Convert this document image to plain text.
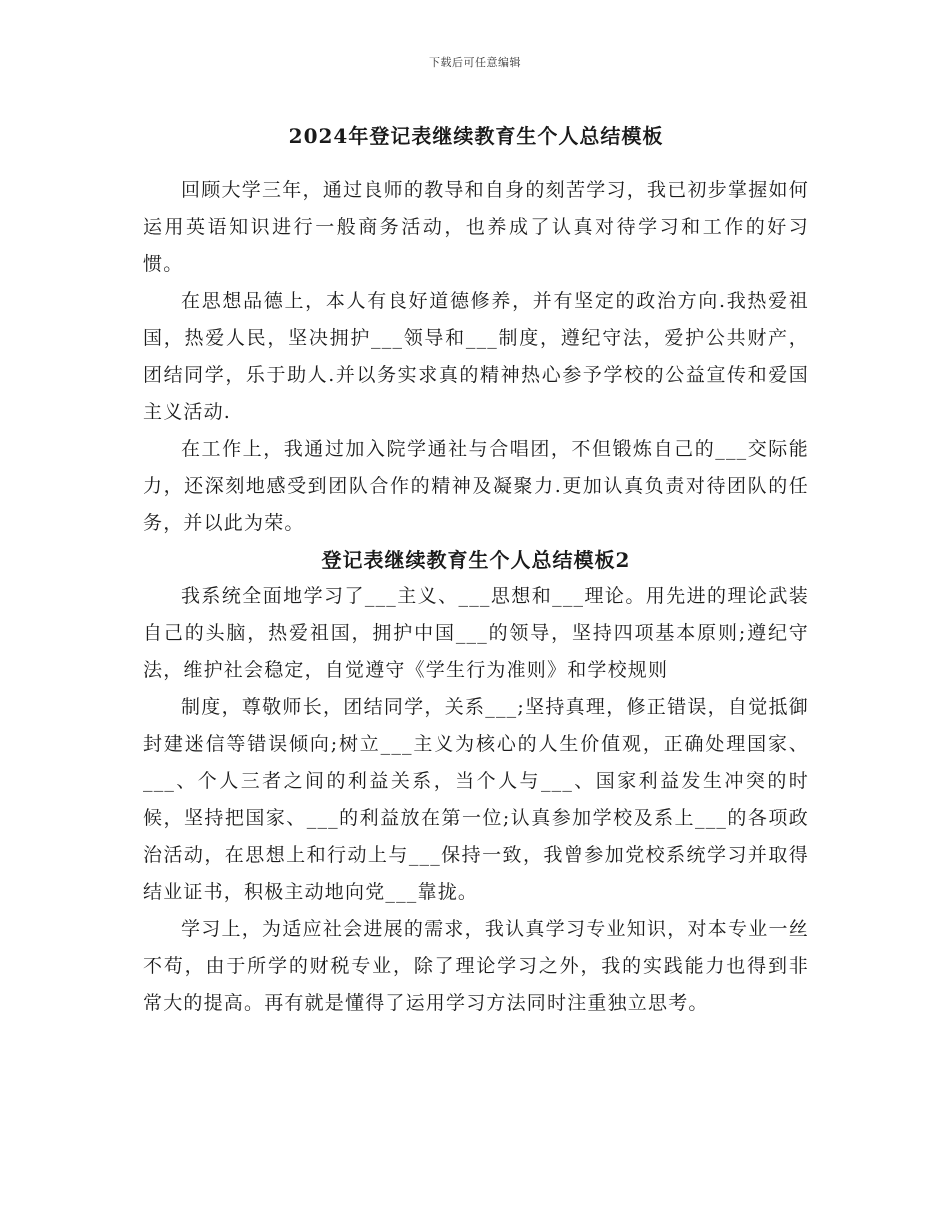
下载后可任意编辑
2024年登记表继续教育生个人总结模板

回顾大学三年，通过良师的教导和自身的刻苦学习，我已初步掌握如何运用英语知识进行一般商务活动，也养成了认真对待学习和工作的好习惯。

在思想品德上，本人有良好道德修养，并有坚定的政治方向.我热爱祖国，热爱人民，坚决拥护___领导和___制度，遵纪守法，爱护公共财产，团结同学，乐于助人.并以务实求真的精神热心参予学校的公益宣传和爱国主义活动.

在工作上，我通过加入院学通社与合唱团，不但锻炼自己的___交际能力，还深刻地感受到团队合作的精神及凝聚力.更加认真负责对待团队的任务，并以此为荣。

登记表继续教育生个人总结模板2

我系统全面地学习了___主义、___思想和___理论。用先进的理论武装自己的头脑，热爱祖国，拥护中国___的领导，坚持四项基本原则;遵纪守法，维护社会稳定，自觉遵守《学生行为准则》和学校规则

制度，尊敬师长，团结同学，关系___;坚持真理，修正错误，自觉抵御封建迷信等错误倾向;树立___主义为核心的人生价值观，正确处理国家、___、个人三者之间的利益关系，当个人与___、国家利益发生冲突的时候，坚持把国家、___的利益放在第一位;认真参加学校及系上___的各项政治活动，在思想上和行动上与___保持一致，我曾参加党校系统学习并取得结业证书，积极主动地向党___靠拢。

学习上，为适应社会进展的需求，我认真学习专业知识，对本专业一丝不苟，由于所学的财税专业，除了理论学习之外，我的实践能力也得到非常大的提高。再有就是懂得了运用学习方法同时注重独立思考。
